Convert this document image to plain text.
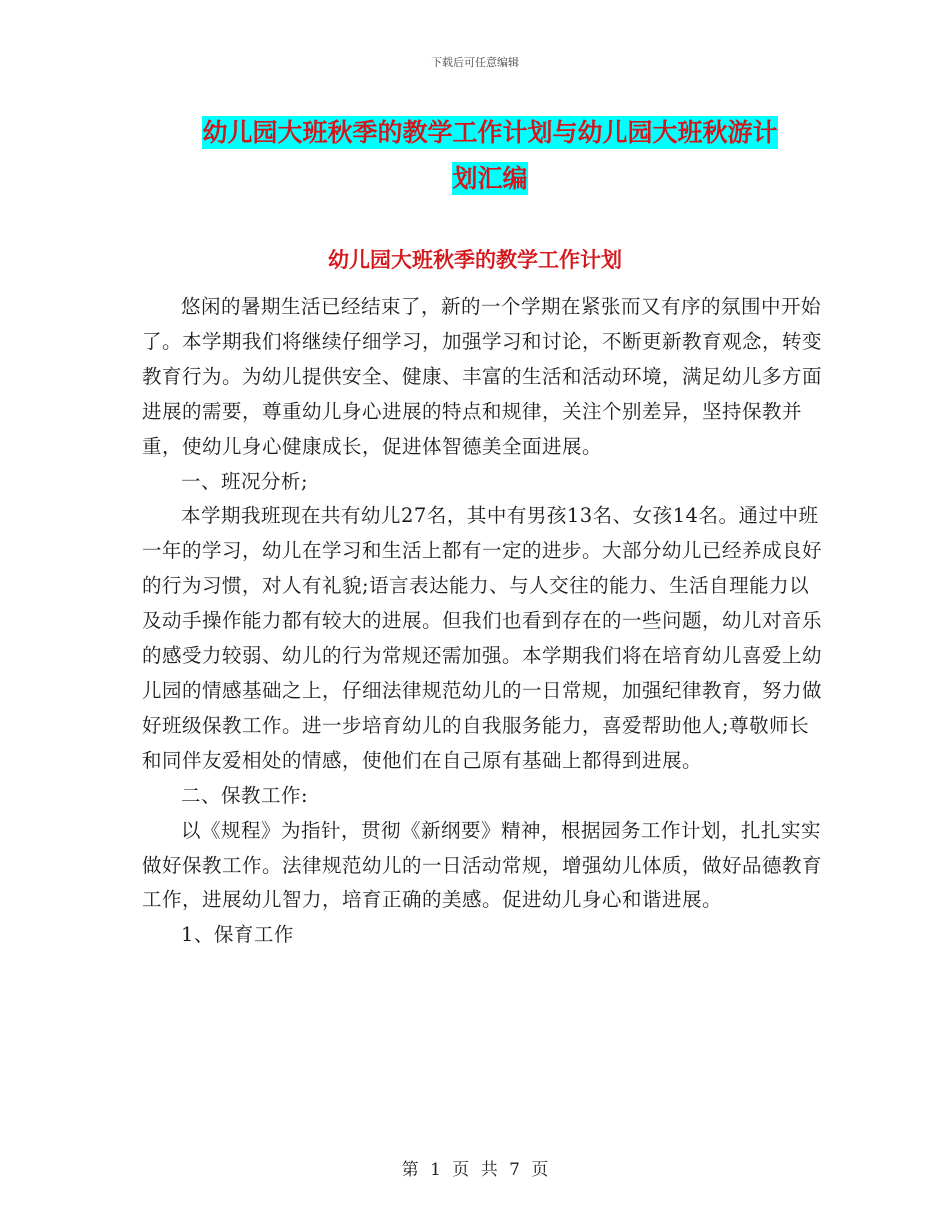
下载后可任意编辑
幼儿园大班秋季的教学工作计划与幼儿园大班秋游计
划汇编
幼儿园大班秋季的教学工作计划

悠闲的暑期生活已经结束了，新的一个学期在紧张而又有序的氛围中开始了。本学期我们将继续仔细学习，加强学习和讨论，不断更新教育观念，转变教育行为。为幼儿提供安全、健康、丰富的生活和活动环境，满足幼儿多方面进展的需要，尊重幼儿身心进展的特点和规律，关注个别差异，坚持保教并重，使幼儿身心健康成长，促进体智德美全面进展。

一、班况分析;

本学期我班现在共有幼儿27名，其中有男孩13名、女孩14名。通过中班一年的学习，幼儿在学习和生活上都有一定的进步。大部分幼儿已经养成良好的行为习惯，对人有礼貌;语言表达能力、与人交往的能力、生活自理能力以及动手操作能力都有较大的进展。但我们也看到存在的一些问题，幼儿对音乐的感受力较弱、幼儿的行为常规还需加强。本学期我们将在培育幼儿喜爱上幼儿园的情感基础之上，仔细法律规范幼儿的一日常规，加强纪律教育，努力做好班级保教工作。进一步培育幼儿的自我服务能力，喜爱帮助他人;尊敬师长和同伴友爱相处的情感，使他们在自己原有基础上都得到进展。

二、保教工作:

以《规程》为指针，贯彻《新纲要》精神，根据园务工作计划，扎扎实实做好保教工作。法律规范幼儿的一日活动常规，增强幼儿体质，做好品德教育工作，进展幼儿智力，培育正确的美感。促进幼儿身心和谐进展。

1、保育工作

第 1 页 共 7 页
